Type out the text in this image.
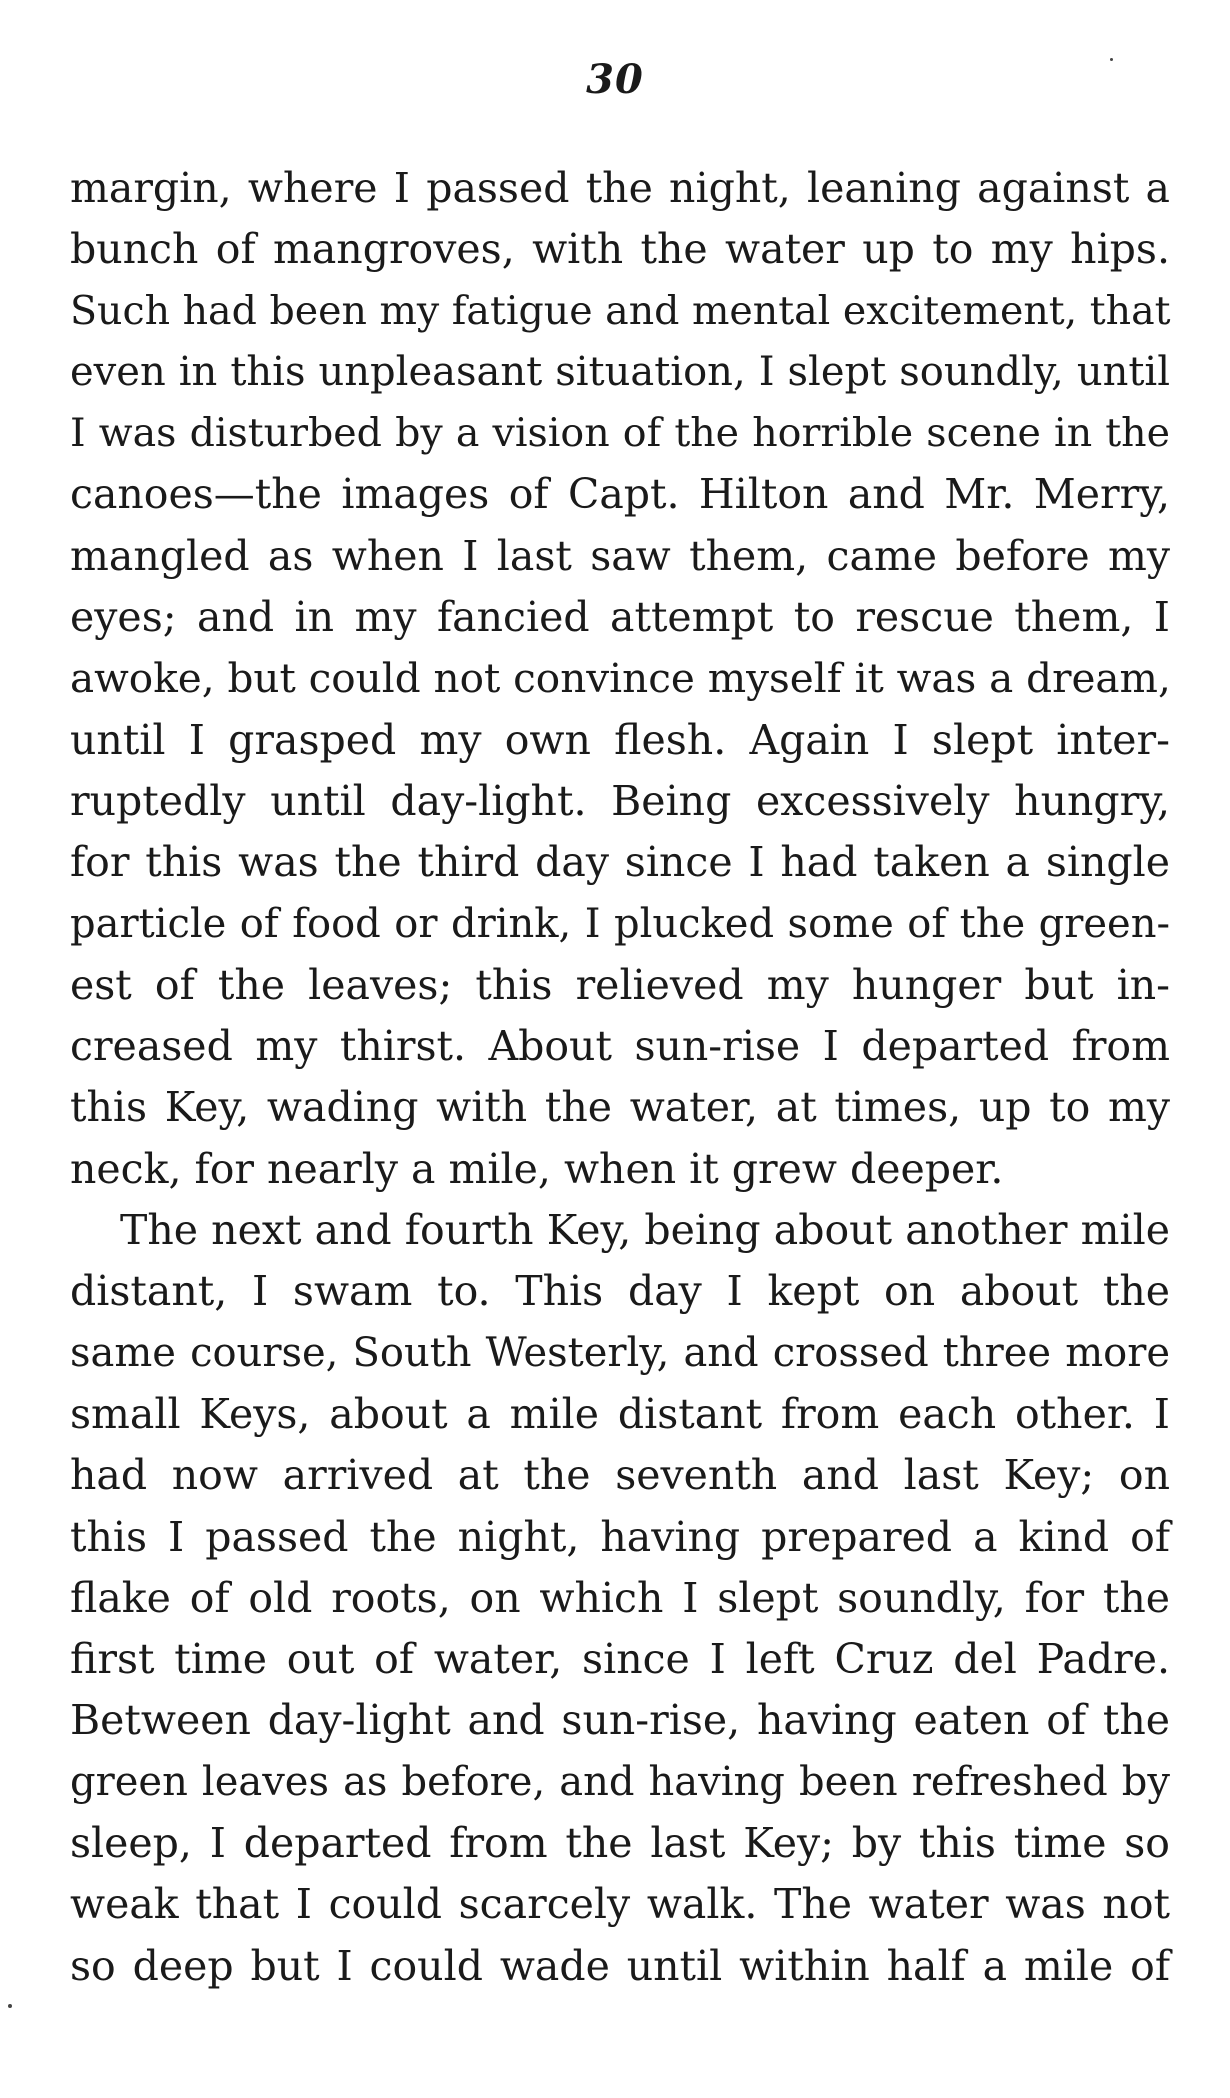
30
margin, where I passed the night, leaning against a
bunch of mangroves, with the water up to my hips.
Such had been my fatigue and mental excitement, that
even in this unpleasant situation, I slept soundly, until
I was disturbed by a vision of the horrible scene in the
canoes—the images of Capt. Hilton and Mr. Merry,
mangled as when I last saw them, came before my
eyes; and in my fancied attempt to rescue them, I
awoke, but could not convince myself it was a dream,
until I grasped my own flesh. Again I slept inter-
ruptedly until day-light. Being excessively hungry,
for this was the third day since I had taken a single
particle of food or drink, I plucked some of the green-
est of the leaves; this relieved my hunger but in-
creased my thirst. About sun-rise I departed from
this Key, wading with the water, at times, up to my
neck, for nearly a mile, when it grew deeper.
The next and fourth Key, being about another mile
distant, I swam to. This day I kept on about the
same course, South Westerly, and crossed three more
small Keys, about a mile distant from each other. I
had now arrived at the seventh and last Key; on
this I passed the night, having prepared a kind of
flake of old roots, on which I slept soundly, for the
first time out of water, since I left Cruz del Padre.
Between day-light and sun-rise, having eaten of the
green leaves as before, and having been refreshed by
sleep, I departed from the last Key; by this time so
weak that I could scarcely walk. The water was not
so deep but I could wade until within half a mile of
